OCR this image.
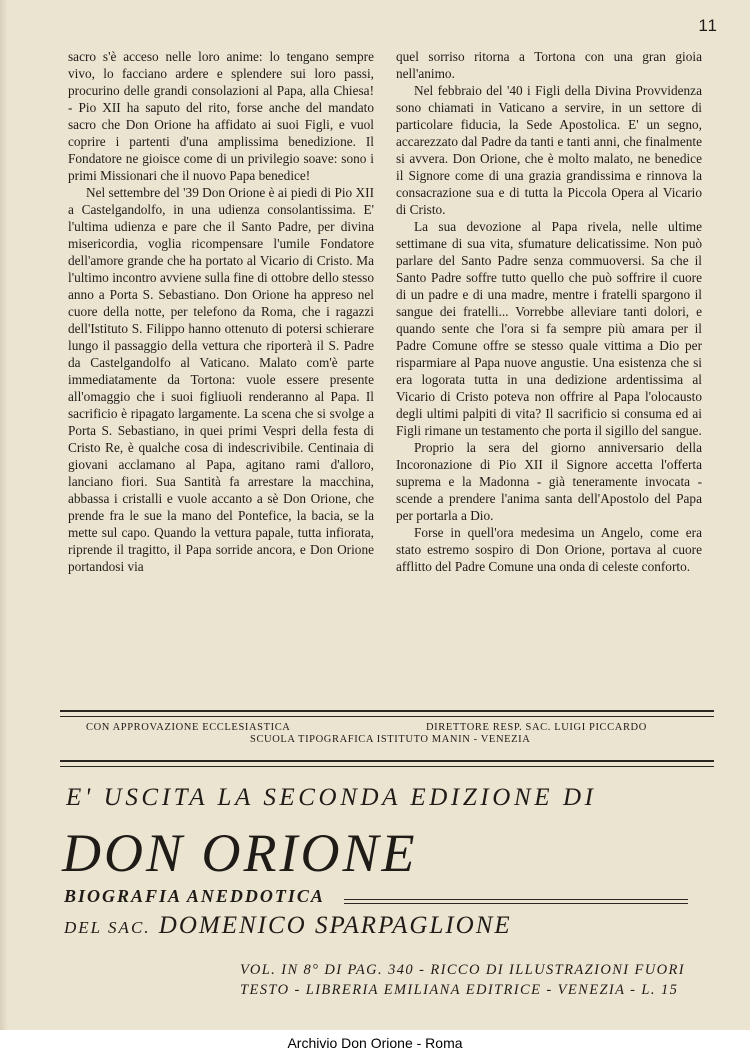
11

sacro s'è acceso nelle loro anime: lo tengano sempre vivo, lo facciano ardere e splendere sui loro passi, procurino delle grandi consolazioni al Papa, alla Chiesa! - Pio XII ha saputo del rito, forse anche del mandato sacro che Don Orione ha affidato ai suoi Figli, e vuol coprire i partenti d'una amplissima benedizione. Il Fondatore ne gioisce come di un privilegio soave: sono i primi Missionari che il nuovo Papa benedice!

Nel settembre del '39 Don Orione è ai piedi di Pio XII a Castelgandolfo, in una udienza consolantissima. E' l'ultima udienza e pare che il Santo Padre, per divina misericordia, voglia ricompensare l'umile Fondatore dell'amore grande che ha portato al Vicario di Cristo. Ma l'ultimo incontro avviene sulla fine di ottobre dello stesso anno a Porta S. Sebastiano. Don Orione ha appreso nel cuore della notte, per telefono da Roma, che i ragazzi dell'Istituto S. Filippo hanno ottenuto di potersi schierare lungo il passaggio della vettura che riporterà il S. Padre da Castelgandolfo al Vaticano. Malato com'è parte immediatamente da Tortona: vuole essere presente all'omaggio che i suoi figliuoli renderanno al Papa. Il sacrificio è ripagato largamente. La scena che si svolge a Porta S. Sebastiano, in quei primi Vespri della festa di Cristo Re, è qualche cosa di indescrivibile. Centinaia di giovani acclamano al Papa, agitano rami d'alloro, lanciano fiori. Sua Santità fa arrestare la macchina, abbassa i cristalli e vuole accanto a sè Don Orione, che prende fra le sue la mano del Pontefice, la bacia, se la mette sul capo. Quando la vettura papale, tutta infiorata, riprende il tragitto, il Papa sorride ancora, e Don Orione portandosi via

quel sorriso ritorna a Tortona con una gran gioia nell'animo.

Nel febbraio del '40 i Figli della Divina Provvidenza sono chiamati in Vaticano a servire, in un settore di particolare fiducia, la Sede Apostolica. E' un segno, accarezzato dal Padre da tanti e tanti anni, che finalmente si avvera. Don Orione, che è molto malato, ne benedice il Signore come di una grazia grandissima e rinnova la consacrazione sua e di tutta la Piccola Opera al Vicario di Cristo.

La sua devozione al Papa rivela, nelle ultime settimane di sua vita, sfumature delicatissime. Non può parlare del Santo Padre senza commuoversi. Sa che il Santo Padre soffre tutto quello che può soffrire il cuore di un padre e di una madre, mentre i fratelli spargono il sangue dei fratelli... Vorrebbe alleviare tanti dolori, e quando sente che l'ora si fa sempre più amara per il Padre Comune offre se stesso quale vittima a Dio per risparmiare al Papa nuove angustie. Una esistenza che si era logorata tutta in una dedizione ardentissima al Vicario di Cristo poteva non offrire al Papa l'olocausto degli ultimi palpiti di vita? Il sacrificio si consuma ed ai Figli rimane un testamento che porta il sigillo del sangue.

Proprio la sera del giorno anniversario della Incoronazione di Pio XII il Signore accetta l'offerta suprema e la Madonna - già teneramente invocata - scende a prendere l'anima santa dell'Apostolo del Papa per portarla a Dio.

Forse in quell'ora medesima un Angelo, come era stato estremo sospiro di Don Orione, portava al cuore afflitto del Padre Comune una onda di celeste conforto.

CON APPROVAZIONE ECCLESIASTICA	DIRETTORE RESP. SAC. LUIGI PICCARDO
SCUOLA TIPOGRAFICA ISTITUTO MANIN - VENEZIA
E' USCITA LA SECONDA EDIZIONE DI
DON ORIONE
BIOGRAFIA ANEDDOTICA
DEL SAC. DOMENICO SPARPAGLIONE
VOL. IN 8° DI PAG. 340 - RICCO DI ILLUSTRAZIONI FUORI
TESTO - LIBRERIA EMILIANA EDITRICE - VENEZIA - L. 15
Archivio Don Orione - Roma
